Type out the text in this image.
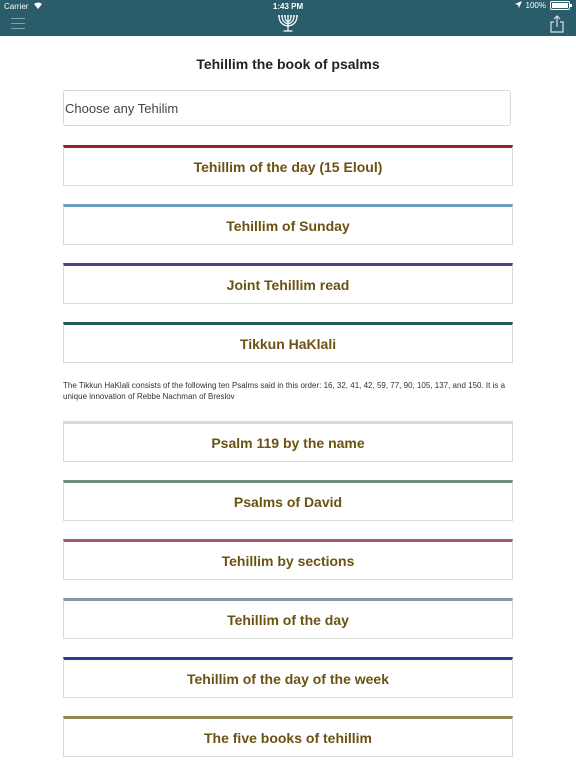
Carrier	1:43 PM	100%
Tehillim the book of psalms
Choose any Tehilim
Tehillim of the day (15 Eloul)
Tehillim of Sunday
Joint Tehillim read
Tikkun HaKlali
The Tikkun HaKlali consists of the following ten Psalms said in this order: 16, 32, 41, 42, 59, 77, 90, 105, 137, and 150. It is a unique innovation of Rebbe Nachman of Breslov
Psalm 119 by the name
Psalms of David
Tehillim by sections
Tehillim of the day
Tehillim of the day of the week
The five books of tehillim
